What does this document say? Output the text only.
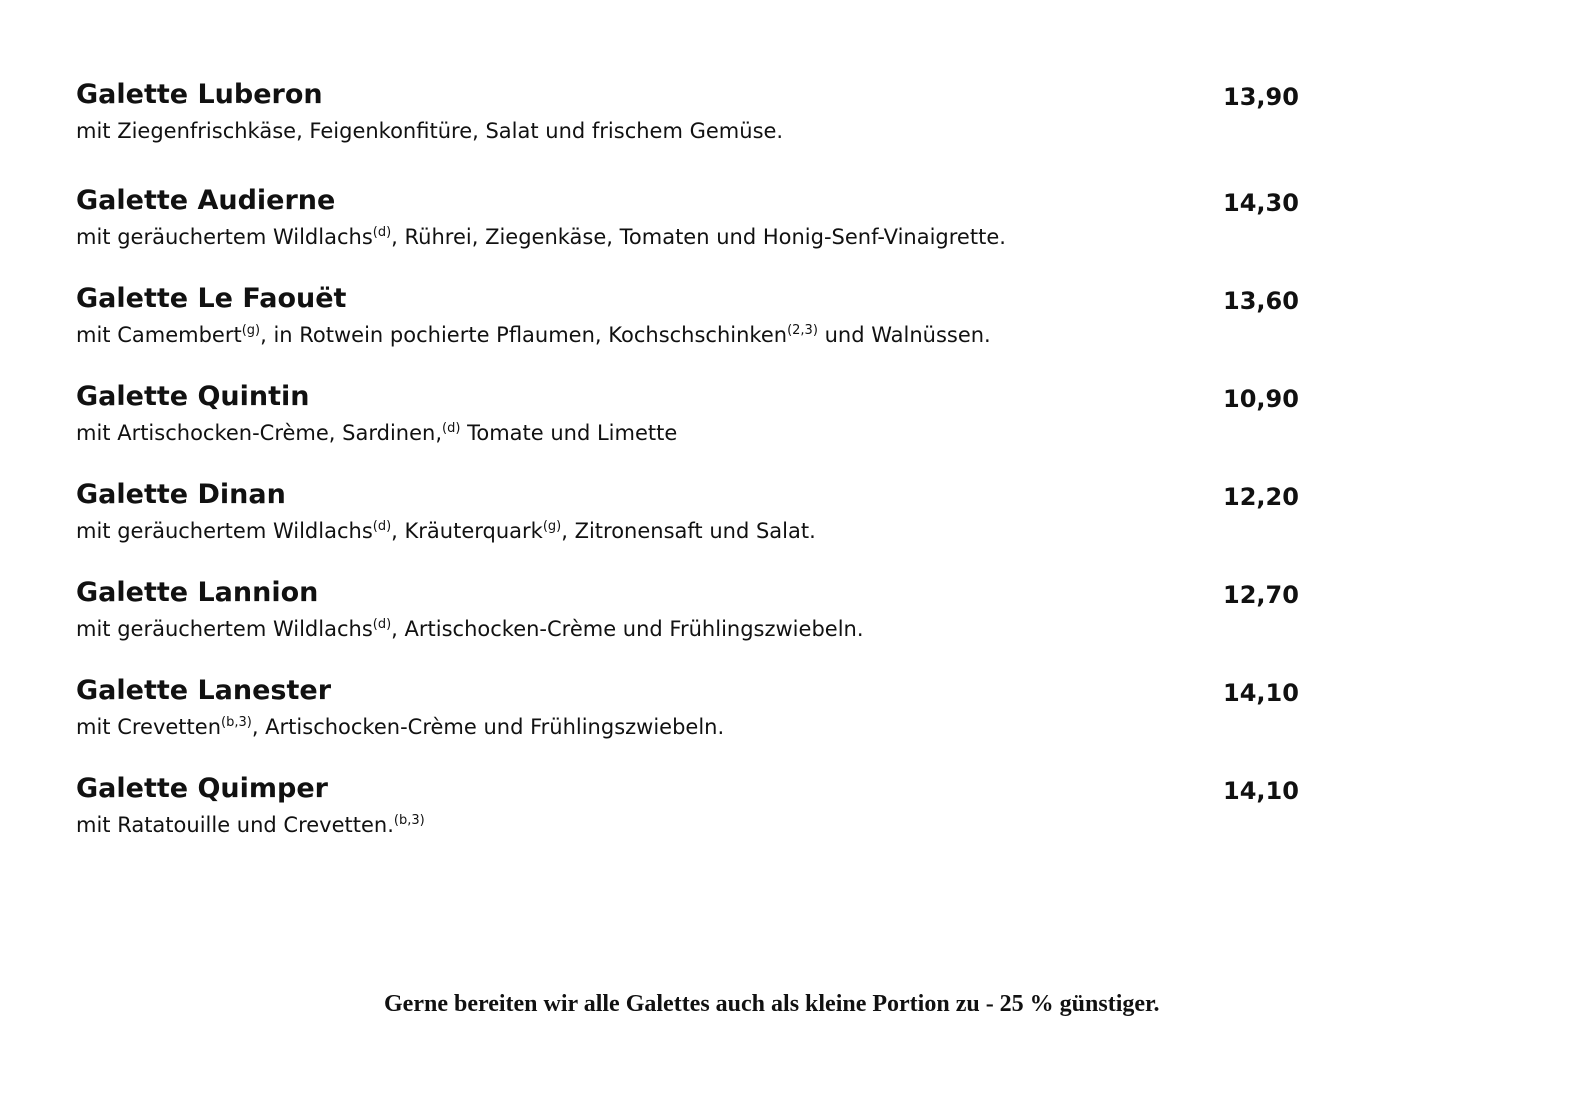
Galette Luberon	13,90
mit Ziegenfrischkäse, Feigenkonfitüre, Salat und frischem Gemüse.
Galette Audierne	14,30
mit geräuchertem Wildlachs$^{(d)}$, Rührei, Ziegenkäse, Tomaten und Honig-Senf-Vinaigrette.
Galette Le Faouët	13,60
mit Camembert$^{(g)}$, in Rotwein pochierte Pflaumen, Kochschschinken$^{(2,3)}$ und Walnüssen.
Galette Quintin	10,90
mit Artischocken-Crème, Sardinen,$^{(d)}$ Tomate und Limette
Galette Dinan	12,20
mit geräuchertem Wildlachs$^{(d)}$, Kräuterquark$^{(g)}$, Zitronensaft und Salat.
Galette Lannion	12,70
mit geräuchertem Wildlachs$^{(d)}$, Artischocken-Crème und Frühlingszwiebeln.
Galette Lanester	14,10
mit Crevetten$^{(b,3)}$, Artischocken-Crème und Frühlingszwiebeln.
Galette Quimper	14,10
mit Ratatouille und Crevetten.$^{(b,3)}$
Gerne bereiten wir alle Galettes auch als kleine Portion zu - 25 % günstiger.
